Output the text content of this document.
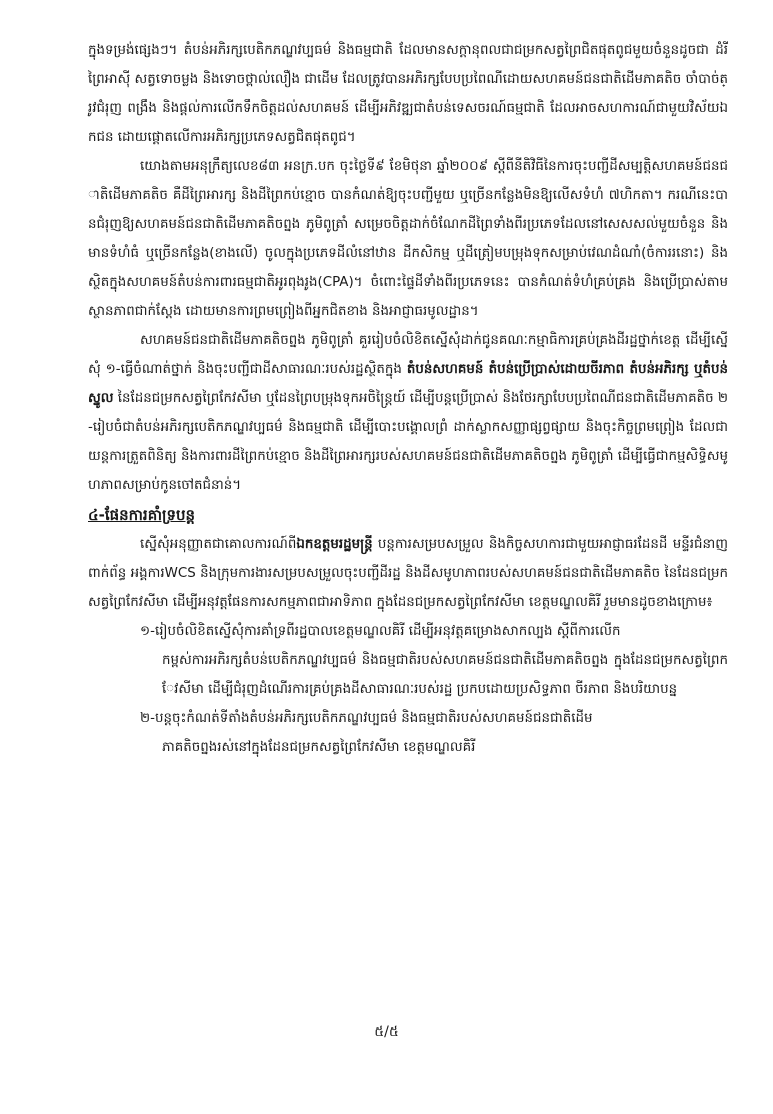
ក្នុងទម្រង់ផ្សេងៗ។ តំបន់អភិរក្សបេតិកភណ្ឌវប្បធម៌ និងធម្មជាតិ ដែលមានសក្តានុពលជាជម្រកសត្វព្រៃជិតផុតពូជមួយចំនួនដូចជា ដំរីព្រៃអាស៊ី សត្វទោចម្លង និងទោចថ្ពាល់លឿង ជាដើម ដែលត្រូវបានអភិរក្សបែបប្រពៃណីដោយសហគមន៍ជនជាតិដើមភាគតិច ចាំបាច់ត្រូវជំរុញ ពង្រឹង និងផ្តល់ការលើកទឹកចិត្តដល់សហគមន៍ ដើម្បីអភិវឌ្ឍជាតំបន់ទេសចរណ៍ធម្មជាតិ ដែលអាចសហការណ៍ជាមួយវិស័យឯកជន ដោយផ្តោតលើការអភិរក្សប្រភេទសត្វជិតផុតពូជ។

យោងតាមអនុក្រឹត្យលេខ៨៣ អនក្រ.បក ចុះថ្ងៃទី៩ ខែមិថុនា ឆ្នាំ២០០៩ ស្តីពីនីតិវិធីនៃការចុះបញ្ជីដីសម្បត្តិសហគមន៍ជនជាតិដើមភាគតិច គឺដីព្រៃអារក្ស និងដីព្រៃកប់ខ្មោច បានកំណត់ឱ្យចុះបញ្ជីមួយ ឬច្រើនកន្លែងមិនឱ្យលើសទំហំ ៧ហិកតា។ ករណីនេះបានជំរុញឱ្យសហគមន៍ជនជាតិដើមភាគតិចព្នង ភូមិពូត្រាំ សម្រេចចិត្តដាក់ចំណែកដីព្រៃទាំងពីរប្រភេទដែលនៅសេសសល់មួយចំនួន និងមានទំហំធំ ឬច្រើនកន្លែង(ខាងលើ) ចូលក្នុងប្រភេទដីលំនៅឋាន ដីកសិកម្ម ឬដីត្រៀមបម្រុងទុកសម្រាប់វេណដំណាំ(ចំការរនោះ) និងស្ថិតក្នុងសហគមន៍តំបន់ការពារធម្មជាតិអូរពុងរូង(CPA)។ ចំពោះផ្ទៃដីទាំងពីរប្រភេទនេះ បានកំណត់ទំហំគ្រប់គ្រង និងប្រើប្រាស់តាមស្ថានភាពជាក់ស្តែង ដោយមានការព្រមព្រៀងពីអ្នកជិតខាង និងអាជ្ញាធរមូលដ្ឋាន។

សហគមន៍ជនជាតិដើមភាគតិចព្នង ភូមិពូត្រាំ គួររៀបចំលិខិតស្នើសុំដាក់ជូនគណៈកម្មាធិការគ្រប់គ្រងដីរដ្ឋថ្នាក់ខេត្ត ដើម្បីស្នើសុំ ១-ធ្វើចំណាត់ថ្នាក់ និងចុះបញ្ជីជាដីសាធារណៈរបស់រដ្ឋស្ថិតក្នុង តំបន់សហគមន៍ តំបន់ប្រើប្រាស់ដោយចីរភាព តំបន់អភិរក្ស ឬតំបន់ស្នូល នៃដែនជម្រកសត្វព្រៃកែវសីមា ឬដែនព្រៃបម្រុងទុកអចិន្ត្រៃយ៍ ដើម្បីបន្តប្រើប្រាស់ និងថែរក្សាបែបប្រពៃណីជនជាតិដើមភាគតិច ២-រៀបចំជាតំបន់អភិរក្សបេតិកភណ្ឌវប្បធម៌ និងធម្មជាតិ ដើម្បីបោះបង្គោលព្រំ ដាក់ស្លាកសញ្ញាផ្សព្វផ្សាយ និងចុះកិច្ចព្រមព្រៀង ដែលជាយន្តការត្រួតពិនិត្យ និងការពារដីព្រៃកប់ខ្មោច និងដីព្រៃអារក្សរបស់សហគមន៍ជនជាតិដើមភាគតិចព្នង ភូមិពូត្រាំ ដើម្បីធ្វើជាកម្មសិទ្ធិសមូហភាពសម្រាប់កូនចៅតជំនាន់។

៤-ផែនការគាំទ្របន្ត

ស្នើសុំអនុញ្ញាតជាគោលការណ៍ពីឯកឧត្តមរដ្ឋមន្ត្រី បន្តការសម្របសម្រួល និងកិច្ចសហការជាមួយអាជ្ញាធរដែនដី មន្ទីរជំនាញពាក់ព័ន្ធ អង្គការWCS និងក្រុមការងារសម្របសម្រួលចុះបញ្ជីដីរដ្ឋ និងដីសមូហភាពរបស់សហគមន៍ជនជាតិដើមភាគតិច នៃដែនជម្រកសត្វព្រៃកែវសីមា ដើម្បីអនុវត្តផែនការសកម្មភាពជាអាទិភាព ក្នុងដែនជម្រកសត្វព្រៃកែវសីមា ខេត្តមណ្ឌលគិរី រួមមានដូចខាងក្រោម៖

១-រៀបចំលិខិតស្នើសុំការគាំទ្រពីរដ្ឋបាលខេត្តមណ្ឌលគិរី ដើម្បីអនុវត្តគម្រោងសាកល្បង ស្តីពីការលើក
កម្ពស់ការអភិរក្សតំបន់បេតិកភណ្ឌវប្បធម៌ និងធម្មជាតិរបស់សហគមន៍ជនជាតិដើមភាគតិចព្នង ក្នុងដែនជម្រកសត្វព្រៃកែវសីមា ដើម្បីជំរុញដំណើរការគ្រប់គ្រងដីសាធារណៈរបស់រដ្ឋ ប្រកបដោយប្រសិទ្ធភាព ចីរភាព និងបរិយាបន្ន

២-បន្តចុះកំណត់ទីតាំងតំបន់អភិរក្សបេតិកភណ្ឌវប្បធម៌ និងធម្មជាតិរបស់សហគមន៍ជនជាតិដើម
ភាគតិចព្នងរស់នៅក្នុងដែនជម្រកសត្វព្រៃកែវសីមា ខេត្តមណ្ឌលគិរី

៥/៥
